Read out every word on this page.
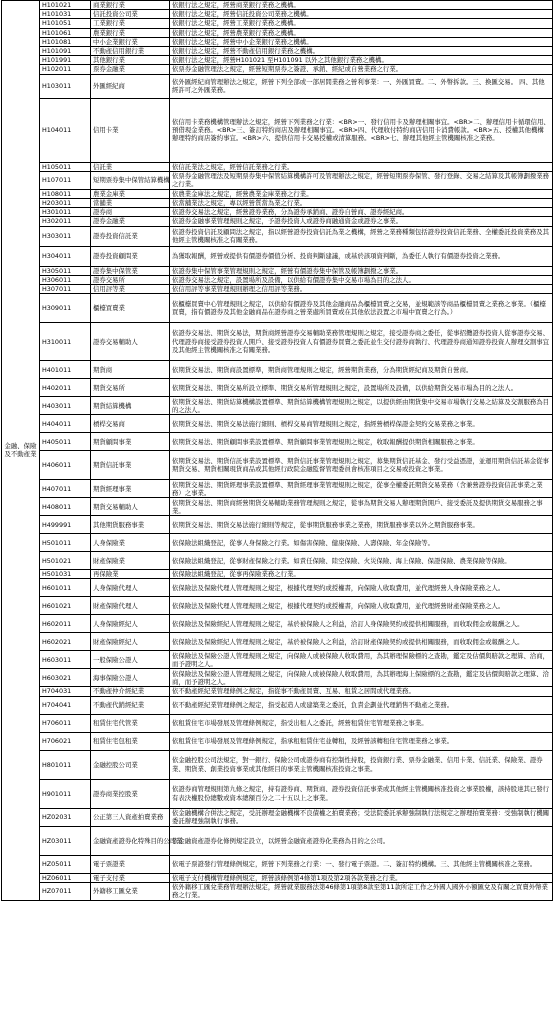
金融、保險及不動產業	H101021	商業銀行業	依銀行法之規定，經營商業銀行業務之機構。
	H101031	信託投資公司業	依銀行法之規定，經營信託投資公司業務之機構。
	H101051	工業銀行業	依銀行法之規定，經營工業銀行業務之機構。
	H101061	農業銀行業	依銀行法之規定，經營農業銀行業務之機構。
	H101081	中小企業銀行業	依銀行法之規定，經營中小企業銀行業務之機構。
	H101091	不動產信用銀行業	依銀行法之規定，經營不動產信用銀行業務之機構。
	H101991	其他銀行業	依銀行法之規定，經營H101021 至H101091 以外之其他銀行業務之機構。
	H102011	票券金融業	依票券金融管理法之規定，經營短期票券之簽證、承銷、經紀或自營業務之行業。
	H103011	外匯經紀商	依外匯經紀商管理辦法之規定，經營下列全部或一部居間業務之營利事業：一、外匯買賣。二、外幣拆款。三、換匯交易。 四、其他經許可之外匯業務。
	H104011	信用卡業	依信用卡業務機構管理辦法之規定，經營下列業務之行業：<BR>一、發行信用卡及辦理相關事宜。<BR>二、辦理信用卡循環信用、預借現金業務。<BR>三、簽訂特約商店及辦理相關事宜。<BR>四、代理收付特約商店信用卡消費帳款。<BR>五、授權其他機構辦理特約商店簽約事宜。<BR>六、提供信用卡交易授權或清算服務。<BR>七、辦理其他經主管機關核准之業務。
	H105011	信託業	依信託業法之規定，經營信託業務之行業。
	H107011	短期票券集中保管結算機構	依票券金融管理法及短期票券集中保管結算機構許可及管理辦法之規定，經營短期票券保管、發行登錄、交易之結算及其帳簿劃撥業務之行業。
	H108011	農業金庫業	依農業金庫法之規定，經營農業金庫業務之行業。
	H203011	當舖業	依當舖業法之規定，專以經營質當為業之行業。
	H301011	證券商	依證券交易法之規定，經營證券業務，分為證券承銷商、證券自營商、證券經紀商。
	H302011	證券金融業	依證券金融事業管理規則之規定，予證券投資人或證券商融通資金或證券之事業。
	H303011	證券投資信託業	依證券投資信託及顧問法之規定，指以經營證券投資信託為業之機構，經營之業務種類包括證券投資信託業務、全權委託投資業務及其他經主管機關核准之有關業務。
	H304011	證券投資顧問業	為獲取報酬，經營或提供有價證券價值分析、投資判斷建議，或基於該項資判斷，為委任人執行有價證券投資之業務。
	H305011	證券集中保管業	依證券集中保管事業管理規則之規定，經營有價證券集中保管及帳簿劃撥之事業。
	H306011	證券交易所	依證券交易法之規定，設置場所及設備，以供給有價證券集中交易市場為目的之法人。
	H307011	信用評等業	依信用評等事業管理規則辦理之信用評等業務。
	H309011	櫃檯買賣業	依櫃檯買賣中心管理規則之規定，以供給有價證券及其他金融商品為櫃檯買賣之交易，並規範該等商品櫃檯買賣之業務之事業。（櫃檯買賣，指有價證券及其他金融商品在證券商之營業處所買賣或在其他依法設置之市場中買賣之行為。）
	H310011	證券交易輔助人	依證券交易法、期貨交易法，期貨商經營證券交易輔助業務管理規則之規定，接受證券商之委任，從事招攬證券投資人從事證券交易、代理證券商接受證券投資人開戶、接受證券投資人有價證券買賣之委託並生交付證券商執行、代理證券商通知證券投資人辦理交割事宜及其他經主管機關核准之有關業務。
	H401011	期貨商	依期貨交易法、期貨商設置標準，期貨商管理規則之規定，經營期貨業務，分為期貨經紀商及期貨自營商。
	H402011	期貨交易所	依期貨交易法、期貨交易所設立標準、期貨交易所管理規則之規定，設置場所及設備，以供給期貨交易市場為目的之法人。
	H403011	期貨結算機構	依期貨交易法、期貨結算機構設置標準、期貨結算機構管理規則之規定，以提供經由期貨集中交易市場執行交易之結算及交割服務為目的之法人。
	H404011	槓桿交易商	依期貨交易法、期貨交易法施行細則、槓桿交易商管理規則之規定，指經營槓桿保證金契約交易業務之事業。
	H405011	期貨顧問事業	依期貨交易法、期貨顧問事業設置標準、期貨顧問事業管理規則之規定，收取報酬提供期貨相關服務之事業。
	H406011	期貨信託事業	依期貨交易法、期貨信託事業設置標準、期貨信託事業管理規則之規定，募集期貨信託基金、發行受益憑證，並運用期貨信託基金從事期貨交易、期貨相關現貨商品或其他經行政院金融監督管理委員會核准項目之交易或投資之事業。
	H407011	期貨經理事業	依期貨交易法、期貨經理事業設置標準、期貨經理事業管理規則之規定，從事全權委託期貨交易業務（含兼營證券投資信託事業之業務）之事業。
	H408011	期貨交易輔助人	依期貨交易法、期貨商經營期貨交易輔助業務管理規則之規定，從事為期貨交易人辦理期貨開戶、接受委託及提供期貨交易服務之事業。
	H499991	其他期貨服務事業	依期貨交易法、期貨交易法施行細則等規定，從事期貨服務事業之業務，期貨服務事業以外之期貨服務事業。
	H501011	人身保險業	依保險法組織登記，從事人身保險之行業。如傷害保險、健康保險、人壽保險、年金保險等。
	H501021	財產保險業	依保險法組織登記，從事財產保險之行業。如責任保險、陸空保險、火災保險、海上保險、保證保險、農業保險等保險。
	H501031	再保險業	依保險法組織登記，從事再保險業務之行業。
	H601011	人身保險代理人	依保險法及保險代理人管理規則之規定，根據代理契約或授權書，向保險人收取費用，並代理經營人身保險業務之人。
	H601021	財產保險代理人	依保險法及保險代理人管理規則之規定，根據代理契約或授權書，向保險人收取費用，並代理經營財產保險業務之人。
	H602011	人身保險經紀人	依保險法及保險經紀人管理規則之規定，基於被保險人之利益，洽訂人身保險契約或提供相關服務，而收取佣金或報酬之人。
	H602021	財產保險經紀人	依保險法及保險經紀人管理規則之規定，基於被保險人之利益，洽訂財產保險契約或提供相關服務，而收取佣金或報酬之人。
	H603011	一般保險公證人	依保險法及保險公證人管理規則之規定，向保險人或被保險人收取費用，為其辦理保險標的之查勘，鑑定及估價與賠款之理算、洽商，而予證明之人。
	H603021	海事保險公證人	依保險法及保險公證人管理規則之規定，向保險人或被保險人收取費用，為其辦理海上保險標的之查勘，鑑定及估價與賠款之理算、洽商，而予證明之人。
	H704031	不動產仲介經紀業	依不動產經紀業管理條例之規定，指從事不動產買賣、互易、租賃之居間或代理業務。
	H704041	不動產代銷經紀業	依不動產經紀業管理條例之規定，指受起造人或建築業之委託，負責企劃並代理銷售不動產之業務。
	H706011	租賃住宅代管業	依租賃住宅市場發展及管理條例規定，指受出租人之委託，經營租賃住宅管理業務之事業。
	H706021	租賃住宅包租業	依租賃住宅市場發展及管理條例規定，指承租租賃住宅並轉租，及經營該轉租住宅管理業務之事業。
	H801011	金融控股公司業	依金融控股公司法規定，對一銀行、保險公司或證券商有控制性持股，投資銀行業、票券金融業、信用卡業、信託業、保險業、證券業、期貨業、創業投資事業或其他經目的事業主管機關核准投資之事業。
	H901011	證券商業控股業	依證券商管理規則第九條之規定，持有證券商、期貨商、證券投資信託事業或其他經主管機關核准投資之事業股權，該持股達其已發行有表決權股份總數或資本總額百分之二十五以上之事業。
	HZ02031	公正第三人資產拍賣業務	依金融機構合併法之規定，受託辦理金融機構不良債權之拍賣業務；受法院委託承辦強制執行法規定之辦理拍賣業務：受強制執行機關委託辦理強制執行事務。
	HZ03011	金融資產證券化特殊目的公司業	依金融資產證券化條例規定設立，以經營金融資產證券化業務為目的之公司。
	HZ05011	電子票證業	依電子票證發行管理條例規定，經營下列業務之行業：一、發行電子票證。二、簽訂特約機構。三、其他經主管機關核准之業務。
	HZ06011	電子支付業	依電子支付機構管理條例規定，經營該條例第4條第1項及第2項各款業務之行業。
	HZ07011	外籍移工匯兌業	依外籍移工匯兌業務管理辦法規定，經營就業服務法第46條第1項第8款至第11款所定工作之外國人國外小額匯兌及有關之買賣外幣業務之行業。
